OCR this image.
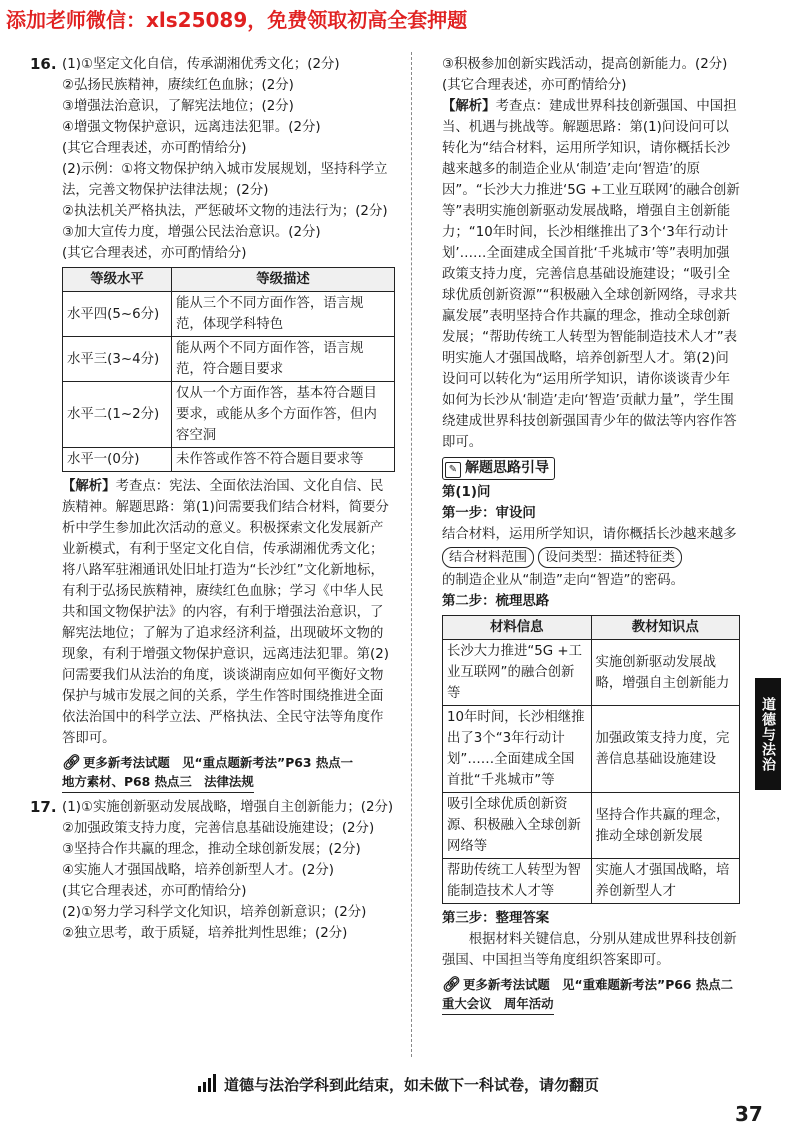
添加老师微信：xls25089，免费领取初高全套押题
16. (1)①坚定文化自信，传承湖湘优秀文化；(2分)

②弘扬民族精神，赓续红色血脉；(2分)

③增强法治意识，了解宪法地位；(2分)

④增强文物保护意识，远离违法犯罪。(2分)

(其它合理表述，亦可酌情给分)

(2)示例：①将文物保护纳入城市发展规划，坚持科学立法，完善文物保护法律法规；(2分)

②执法机关严格执法，严惩破坏文物的违法行为；(2分)

③加大宣传力度，增强公民法治意识。(2分)

(其它合理表述，亦可酌情给分)

等级水平	等级描述
水平四(5~6分)	能从三个不同方面作答，语言规范，体现学科特色
水平三(3~4分)	能从两个不同方面作答，语言规范，符合题目要求
水平二(1~2分)	仅从一个方面作答，基本符合题目要求，或能从多个方面作答，但内容空洞
水平一(0分)	未作答或作答不符合题目要求等

【解析】考查点：宪法、全面依法治国、文化自信、民族精神。解题思路：第(1)问需要我们结合材料，简要分析中学生参加此次活动的意义。积极探索文化发展新产业新模式，有利于坚定文化自信，传承湖湘优秀文化；将八路军驻湘通讯处旧址打造为“长沙红”文化新地标，有利于弘扬民族精神，赓续红色血脉；学习《中华人民共和国文物保护法》的内容，有利于增强法治意识，了解宪法地位；了解为了追求经济利益，出现破坏文物的现象，有利于增强文物保护意识，远离违法犯罪。第(2)问需要我们从法治的角度，谈谈湖南应如何平衡好文物保护与城市发展之间的关系，学生作答时围绕推进全面依法治国中的科学立法、严格执法、全民守法等角度作答即可。

🔗︎ 更多新考法试题　 见“重点题新考法”P63 热点一
地方素材、P68 热点三　法律法规
17. (1)①实施创新驱动发展战略，增强自主创新能力；(2分)

②加强政策支持力度，完善信息基础设施建设；(2分)

③坚持合作共赢的理念，推动全球创新发展；(2分)

④实施人才强国战略，培养创新型人才。(2分)

(其它合理表述，亦可酌情给分)

(2)①努力学习科学文化知识，培养创新意识；(2分)

②独立思考，敢于质疑，培养批判性思维；(2分)

③积极参加创新实践活动，提高创新能力。(2分)

(其它合理表述，亦可酌情给分)

【解析】考查点：建成世界科技创新强国、中国担当、机遇与挑战等。解题思路：第(1)问设问可以转化为“结合材料，运用所学知识，请你概括长沙越来越多的制造企业从‘制造’走向‘智造’的原因”。“长沙大力推进‘5G +工业互联网’的融合创新等”表明实施创新驱动发展战略，增强自主创新能力；“10年时间，长沙相继推出了3个‘3年行动计划’……全面建成全国首批‘千兆城市’等”表明加强政策支持力度，完善信息基础设施建设；“吸引全球优质创新资源”“积极融入全球创新网络，寻求共赢发展”表明坚持合作共赢的理念，推动全球创新发展；“帮助传统工人转型为智能制造技术人才”表明实施人才强国战略，培养创新型人才。第(2)问设问可以转化为“运用所学知识，请你谈谈青少年如何为长沙从‘制造’走向‘智造’贡献力量”，学生围绕建成世界科技创新强国青少年的做法等内容作答即可。

✎ 解题思路引导

第(1)问

第一步：审设问

结合材料，运用所学知识，请你概括长沙越来越多

结合材料范围 设问类型：描述特征类

的制造企业从“制造”走向“智造”的密码。

第二步：梳理思路

材料信息	教材知识点
长沙大力推进“5G +工业互联网”的融合创新等	实施创新驱动发展战略，增强自主创新能力
10年时间，长沙相继推出了3个“3年行动计划”……全面建成全国首批“千兆城市”等	加强政策支持力度，完善信息基础设施建设
吸引全球优质创新资源、积极融入全球创新网络等	坚持合作共赢的理念，推动全球创新发展
帮助传统工人转型为智能制造技术人才等	实施人才强国战略，培养创新型人才

第三步：整理答案

根据材料关键信息，分别从建成世界科技创新强国、中国担当等角度组织答案即可。

🔗︎ 更多新考法试题　 见“重难题新考法”P66 热点二
重大会议　周年活动
道德与法治
道德与法治学科到此结束，如未做下一科试卷，请勿翻页
37
